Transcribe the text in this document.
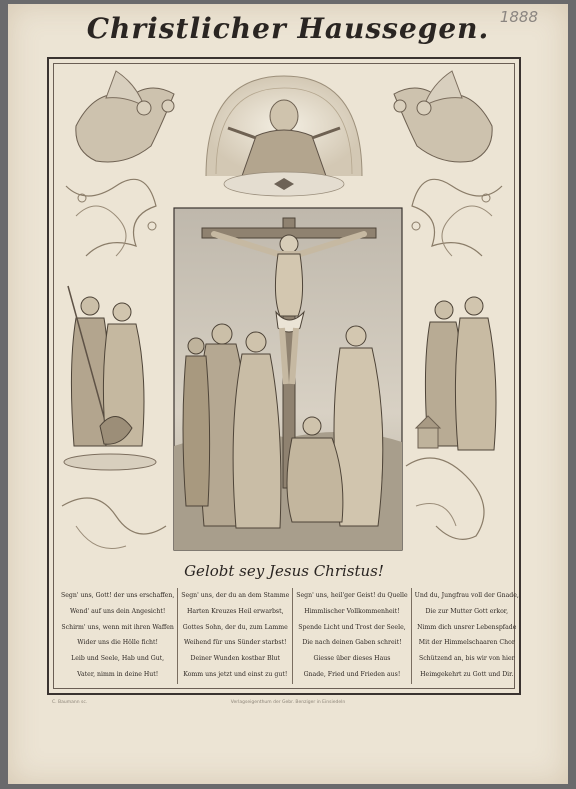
Christlicher Haussegen. 1888
Gelobt sey Jesus Christus!
Segn' uns, Gott! der uns erschaffen,
Wend' auf uns dein Angesicht!
Schirm' uns, wenn mit ihren Waffen
Wider uns die Hölle ficht!
Leib und Seele, Hab und Gut,
Vater, nimm in deine Hut!
Segn' uns, der du an dem Stamme
Harten Kreuzes Heil erwarbst,
Gottes Sohn, der du, zum Lamme
Weihend für uns Sünder starbst!
Deiner Wunden kostbar Blut
Komm uns jetzt und einst zu gut!
Segn' uns, heil'ger Geist! du Quelle
Himmlischer Vollkommenheit!
Spende Licht und Trost der Seele,
Die nach deinen Gaben schreit!
Giesse über dieses Haus
Gnade, Fried und Frieden aus!
Und du, Jungfrau voll der Gnade,
Die zur Mutter Gott erkor,
Nimm dich unsrer Lebenspfade
Mit der Himmelschaaren Chor
Schützend an, bis wir von hier
Heimgekehrt zu Gott und Dir.
C. Baumann sc.	Verlagseigenthum der Gebr. Benziger in Einsiedeln
